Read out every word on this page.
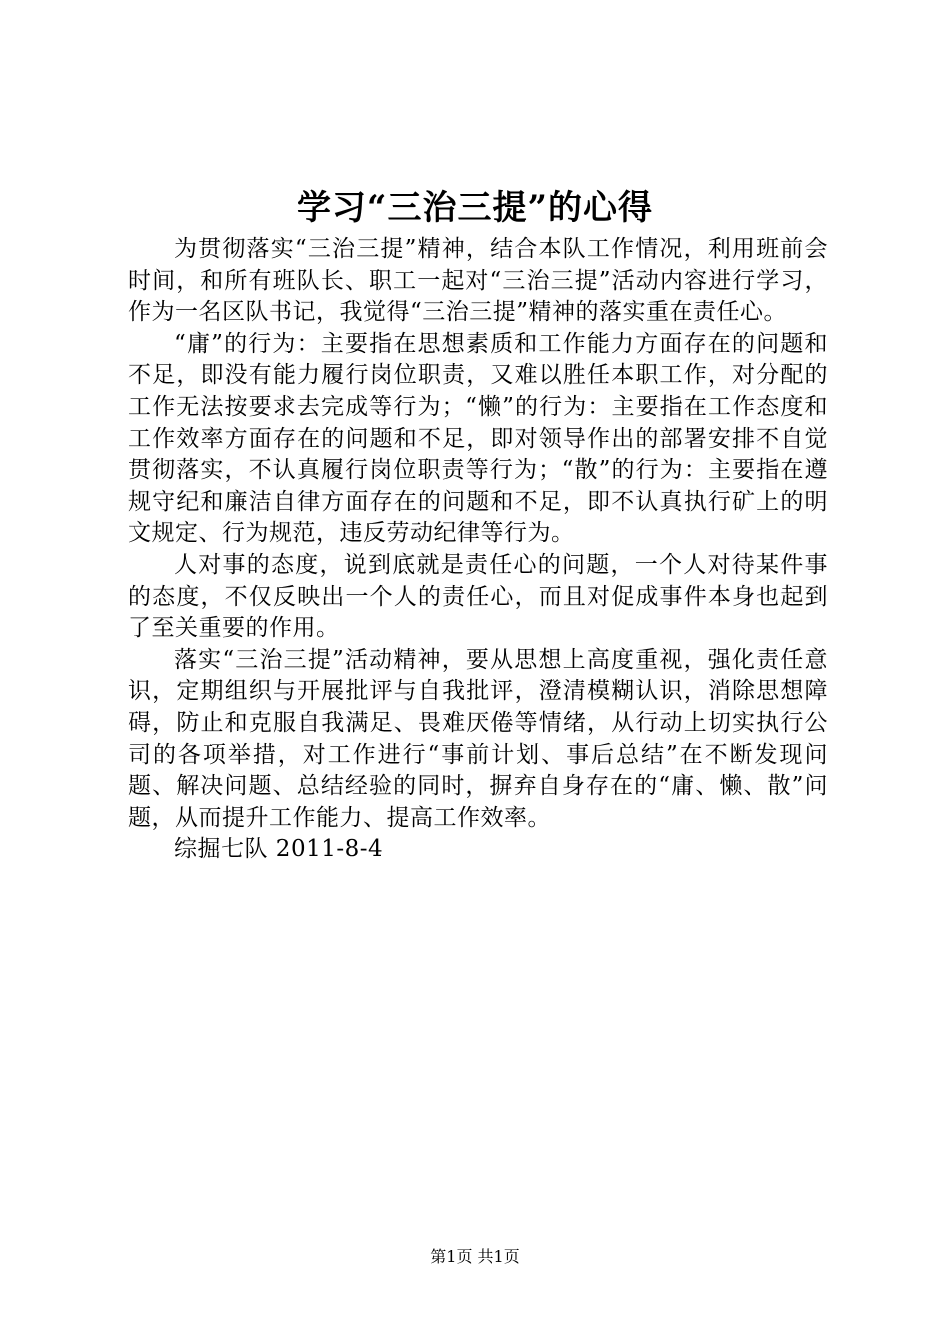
学习“三治三提”的心得

为贯彻落实“三治三提”精神，结合本队工作情况，利用班前会时间，和所有班队长、职工一起对“三治三提”活动内容进行学习，作为一名区队书记，我觉得“三治三提”精神的落实重在责任心。

“庸”的行为：主要指在思想素质和工作能力方面存在的问题和不足，即没有能力履行岗位职责，又难以胜任本职工作，对分配的工作无法按要求去完成等行为；“懒”的行为：主要指在工作态度和工作效率方面存在的问题和不足，即对领导作出的部署安排不自觉贯彻落实，不认真履行岗位职责等行为；“散”的行为：主要指在遵规守纪和廉洁自律方面存在的问题和不足，即不认真执行矿上的明文规定、行为规范，违反劳动纪律等行为。

人对事的态度，说到底就是责任心的问题，一个人对待某件事的态度，不仅反映出一个人的责任心，而且对促成事件本身也起到了至关重要的作用。

落实“三治三提”活动精神，要从思想上高度重视，强化责任意识，定期组织与开展批评与自我批评，澄清模糊认识，消除思想障碍，防止和克服自我满足、畏难厌倦等情绪，从行动上切实执行公司的各项举措，对工作进行“事前计划、事后总结”在不断发现问题、解决问题、总结经验的同时，摒弃自身存在的“庸、懒、散”问题，从而提升工作能力、提高工作效率。

综掘七队 2011-8-4

第1页 共1页
